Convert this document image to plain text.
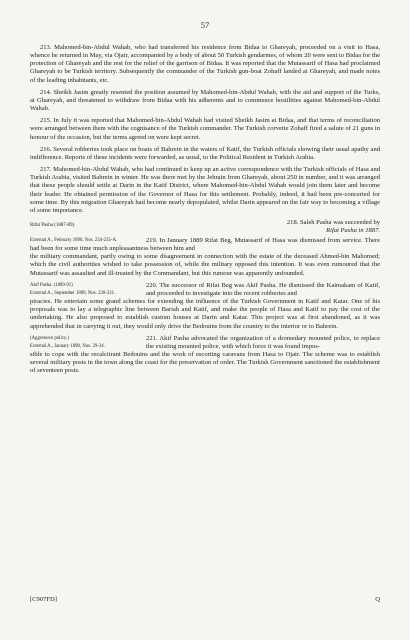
57

213. Mahomed-bin-Abdul Wahab, who had transferred his residence from Bidaa to Ghareyah, proceeded on a visit to Hasa, whence he returned in May, via Ojair, accompanied by a body of about 50 Turkish gendarmes, of whom 20 were sent to Bidaa for the protection of Ghareyah and the rest for the relief of the garrison of Bidaa. It was reported that the Mutassarif of Hasa had proclaimed Ghareyah to be Turkish territory. Subsequently the commander of the Turkish gun-boat Zohaff landed at Ghareyah, and made notes of the leading inhabitants, etc.

214. Sheikh Jasim greatly resented the position assumed by Mahomed-bin-Abdul Wahab, with the aid and support of the Turks, at Ghareyah, and threatened to withdraw from Bidaa with his adherents and to commence hostilities against Mahomed-bin-Abdul Wahab.

215. In July it was reported that Mahomed-bin-Abdul Wahab had visited Sheikh Jasim at Bidaa, and that terms of reconciliation were arranged between them with the cognisance of the Turkish commander. The Turkish corvette Zohaff fired a salute of 21 guns in honour of the occasion, but the terms agreed on were kept secret.

216. Several robberies took place on boats of Bahrein in the waters of Katif, the Turkish officials showing their usual apathy and indifference. Reports of these incidents were forwarded, as usual, to the Political Resident in Turkish Arabia.

217. Mahomed-bin-Abdul Wahab, who had continued to keep up an active correspondence with the Turkish officials of Hasa and Turkish Arabia, visited Bahrein in winter. He was there met by the Jehrain from Ghareyah, about 250 in number, and it was arranged that these people should settle at Darin in the Katif District, where Mahomed-bin-Abdul Wahab would join them later and become their leader. He obtained permission of the Governor of Hasa for this settlement. Probably, indeed, it had been pre-concerted for some time. By this migration Ghareyah had become nearly depopulated, whilst Darin appeared on the fair way to becoming a village of some importance.

Rifat Pasha (1887-89).	218. Saleh Pasha was succeeded by
Rifat Pasha in 1887.
External A., February 1890, Nos. 234-235-A.	219. In January 1889 Rifat Beg, Mutassarif of Hasa was dismissed from service. There had been for some time much unpleasantness between him and
the military commandant, partly owing to some disagreement in connection with the estate of the deceased Ahmed-bin Mahomed; which the civil authorities wished to take possession of, while the military opposed this intention. It was even rumoured that the Mutassarif was assaulted and ill-treated by the Commandant, but this rumour was apparently unfounded.
Akif Pasha. (1889-91)
External A., September 1889, Nos. 220-221.
220. The successor of Rifat Beg was Akif Pasha. He dismissed the Kaimakam of Katif, and proceeded to investigate into the recent robberies and
piracies. He entertain some grand schemes for extending the influence of the Turkish Government in Katif and Katar. One of his proposals was to lay a telegraphic line between Bariah and Katif, and make the people of Hasa and Katif to pay the cost of the undertaking. He also proposed to establish custom houses at Darin and Katar. This project was at first abandoned, as it was apprehended that in carrying it out, they would only drive the Bedouins from the country to the interior or to Bahrein.
(Aggressive policy.)
External A., January 1890, Nos. 29-34.
221. Akif Pasha advocated the organization of a dromedary mounted police, to replace the existing mounted police, with which force it was found impos-
sible to cope with the recalcitrant Bedouins and the work of escorting caravans from Hasa to Ojair. The scheme was to establish several military posts in the town along the coast for the preservation of order. The Turkish Government sanctioned the establishment of seventeen posts.
[C907FD]	Q
